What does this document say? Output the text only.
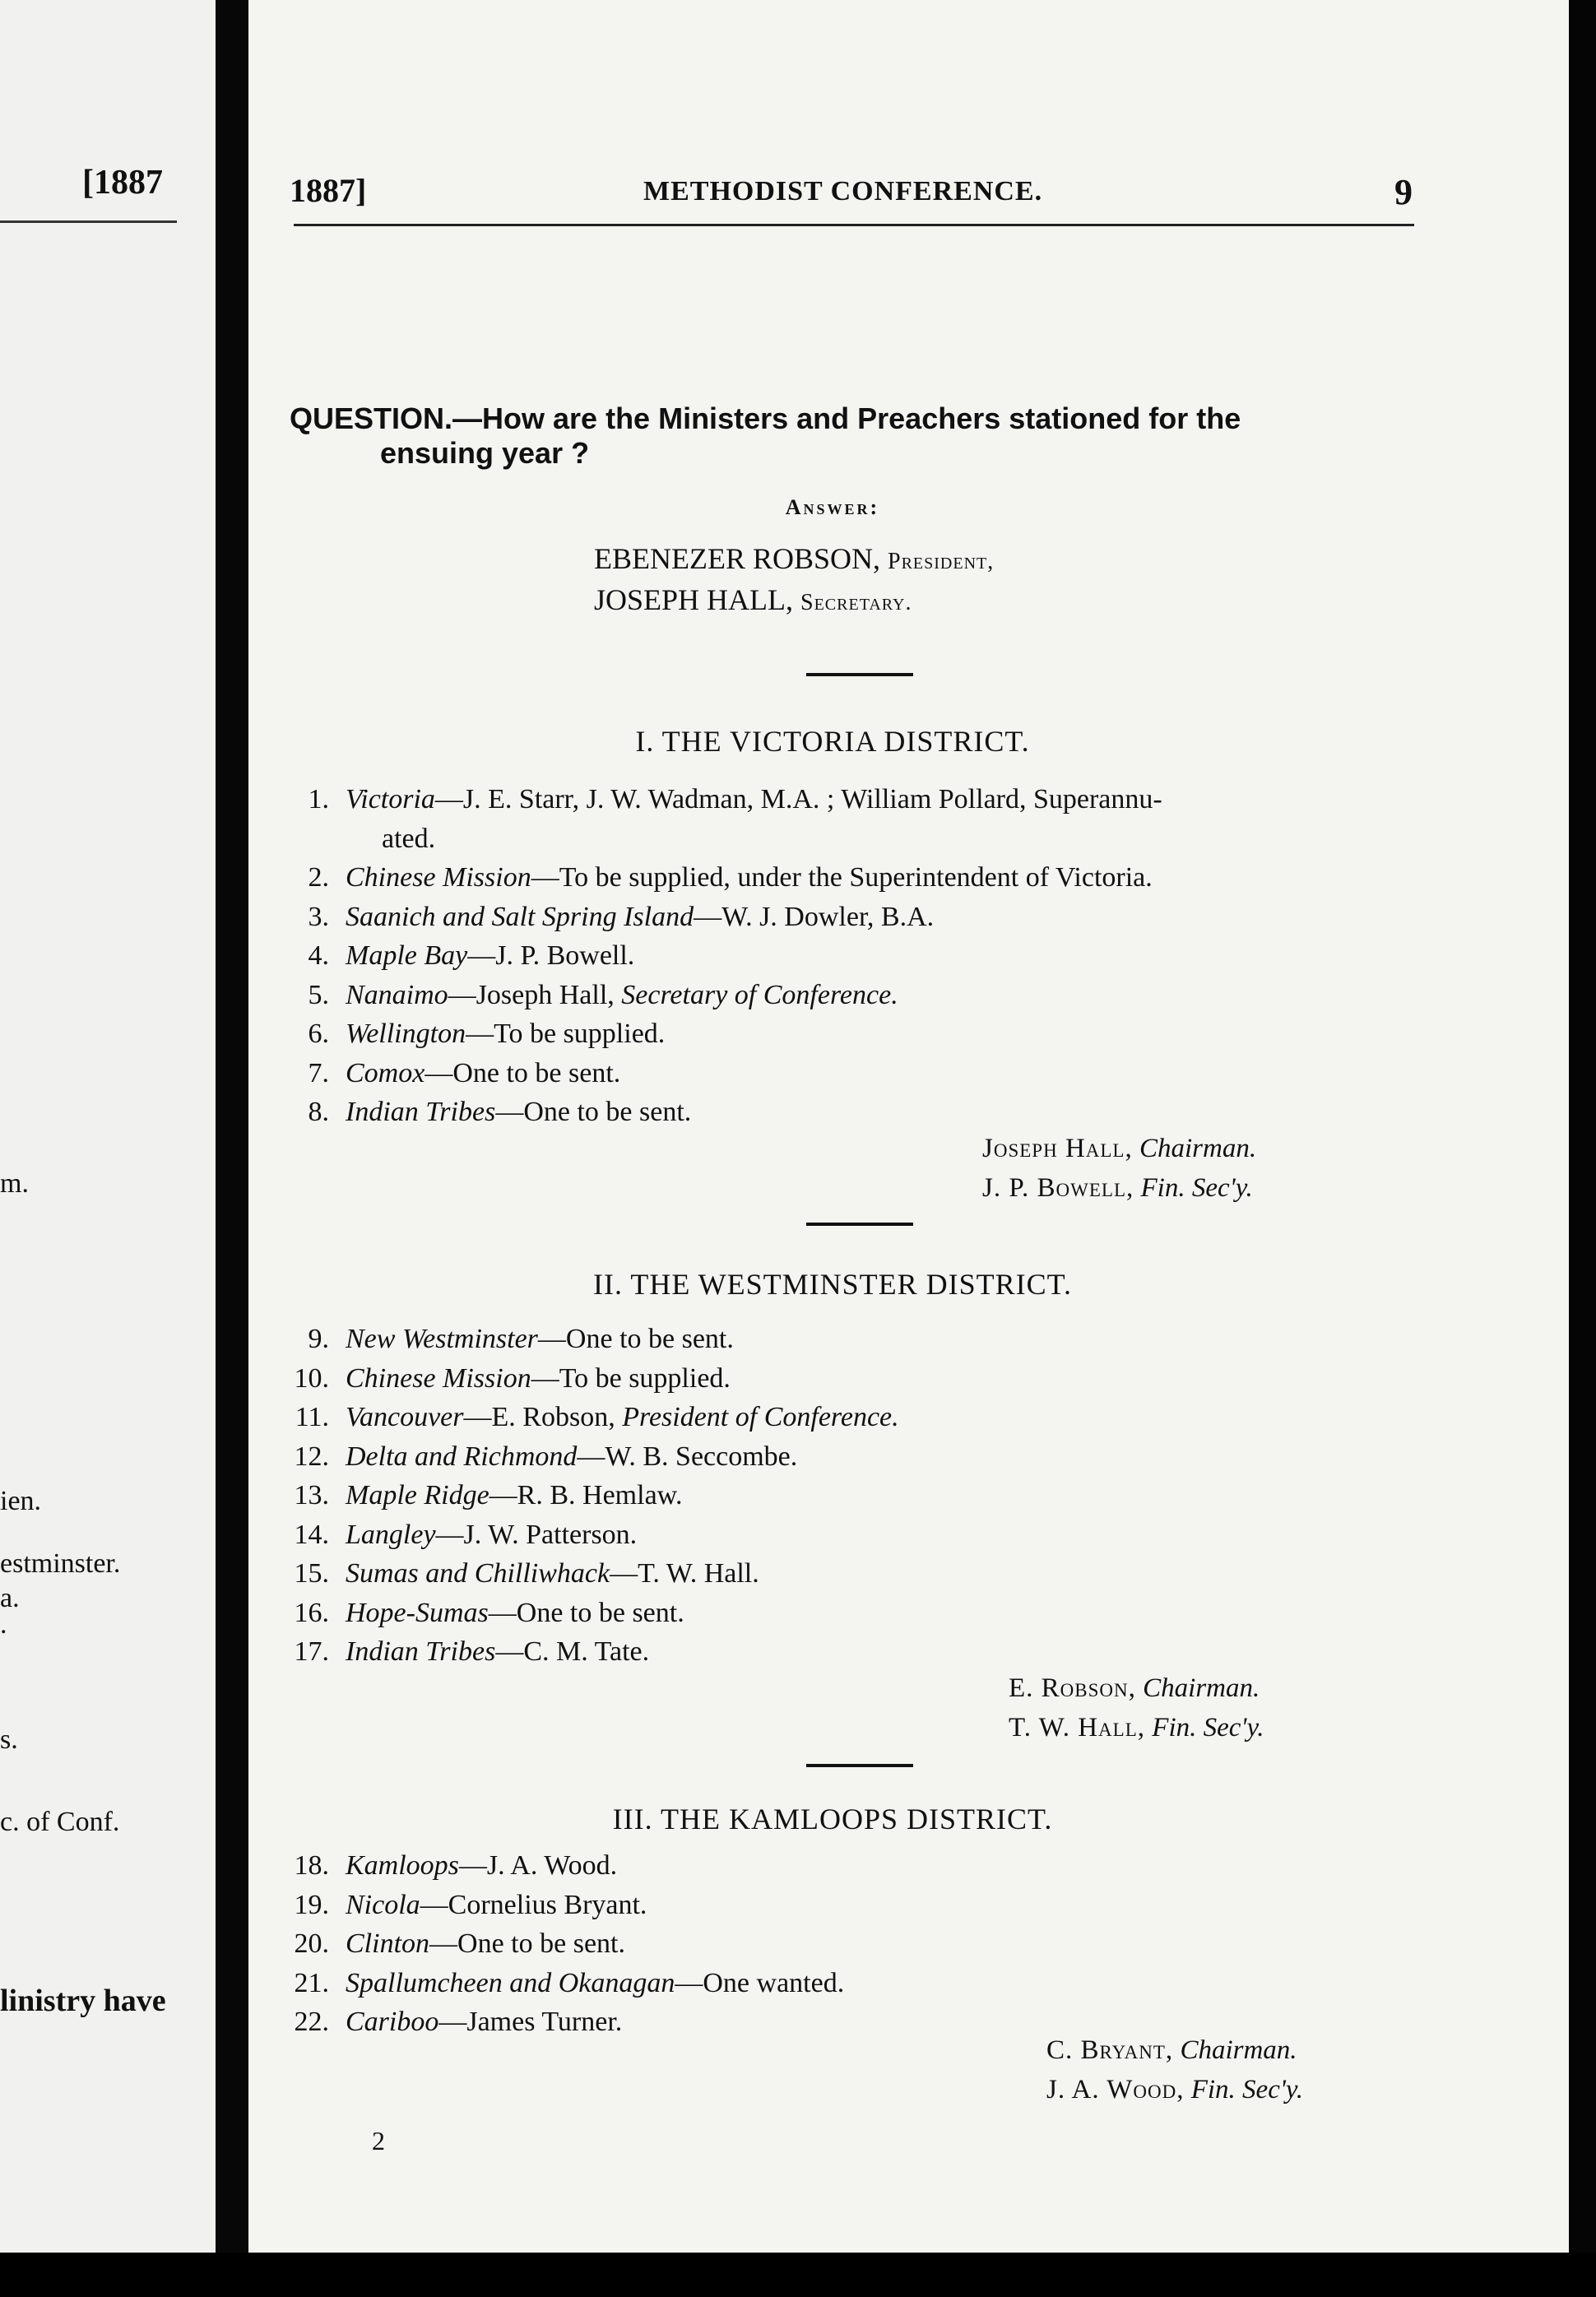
[1887
m.
ien.
estminster.
a.
.
s.
c. of Conf.
linistry have
1887]	METHODIST CONFERENCE.	9
QUESTION.—How are the Ministers and Preachers stationed for the
ensuing year ?
Answer:
EBENEZER ROBSON, President,
JOSEPH HALL, Secretary.
I. THE VICTORIA DISTRICT.
1. Victoria—J. E. Starr, J. W. Wadman, M.A. ; William Pollard, Superannu-
ated.
2. Chinese Mission—To be supplied, under the Superintendent of Victoria.
3. Saanich and Salt Spring Island—W. J. Dowler, B.A.
4. Maple Bay—J. P. Bowell.
5. Nanaimo—Joseph Hall, Secretary of Conference.
6. Wellington—To be supplied.
7. Comox—One to be sent.
8. Indian Tribes—One to be sent.
Joseph Hall, Chairman.
J. P. Bowell, Fin. Sec'y.
II. THE WESTMINSTER DISTRICT.
9. New Westminster—One to be sent.
10. Chinese Mission—To be supplied.
11. Vancouver—E. Robson, President of Conference.
12. Delta and Richmond—W. B. Seccombe.
13. Maple Ridge—R. B. Hemlaw.
14. Langley—J. W. Patterson.
15. Sumas and Chilliwhack—T. W. Hall.
16. Hope-Sumas—One to be sent.
17. Indian Tribes—C. M. Tate.
E. Robson, Chairman.
T. W. Hall, Fin. Sec'y.
III. THE KAMLOOPS DISTRICT.
18. Kamloops—J. A. Wood.
19. Nicola—Cornelius Bryant.
20. Clinton—One to be sent.
21. Spallumcheen and Okanagan—One wanted.
22. Cariboo—James Turner.
C. Bryant, Chairman.
J. A. Wood, Fin. Sec'y.
2
